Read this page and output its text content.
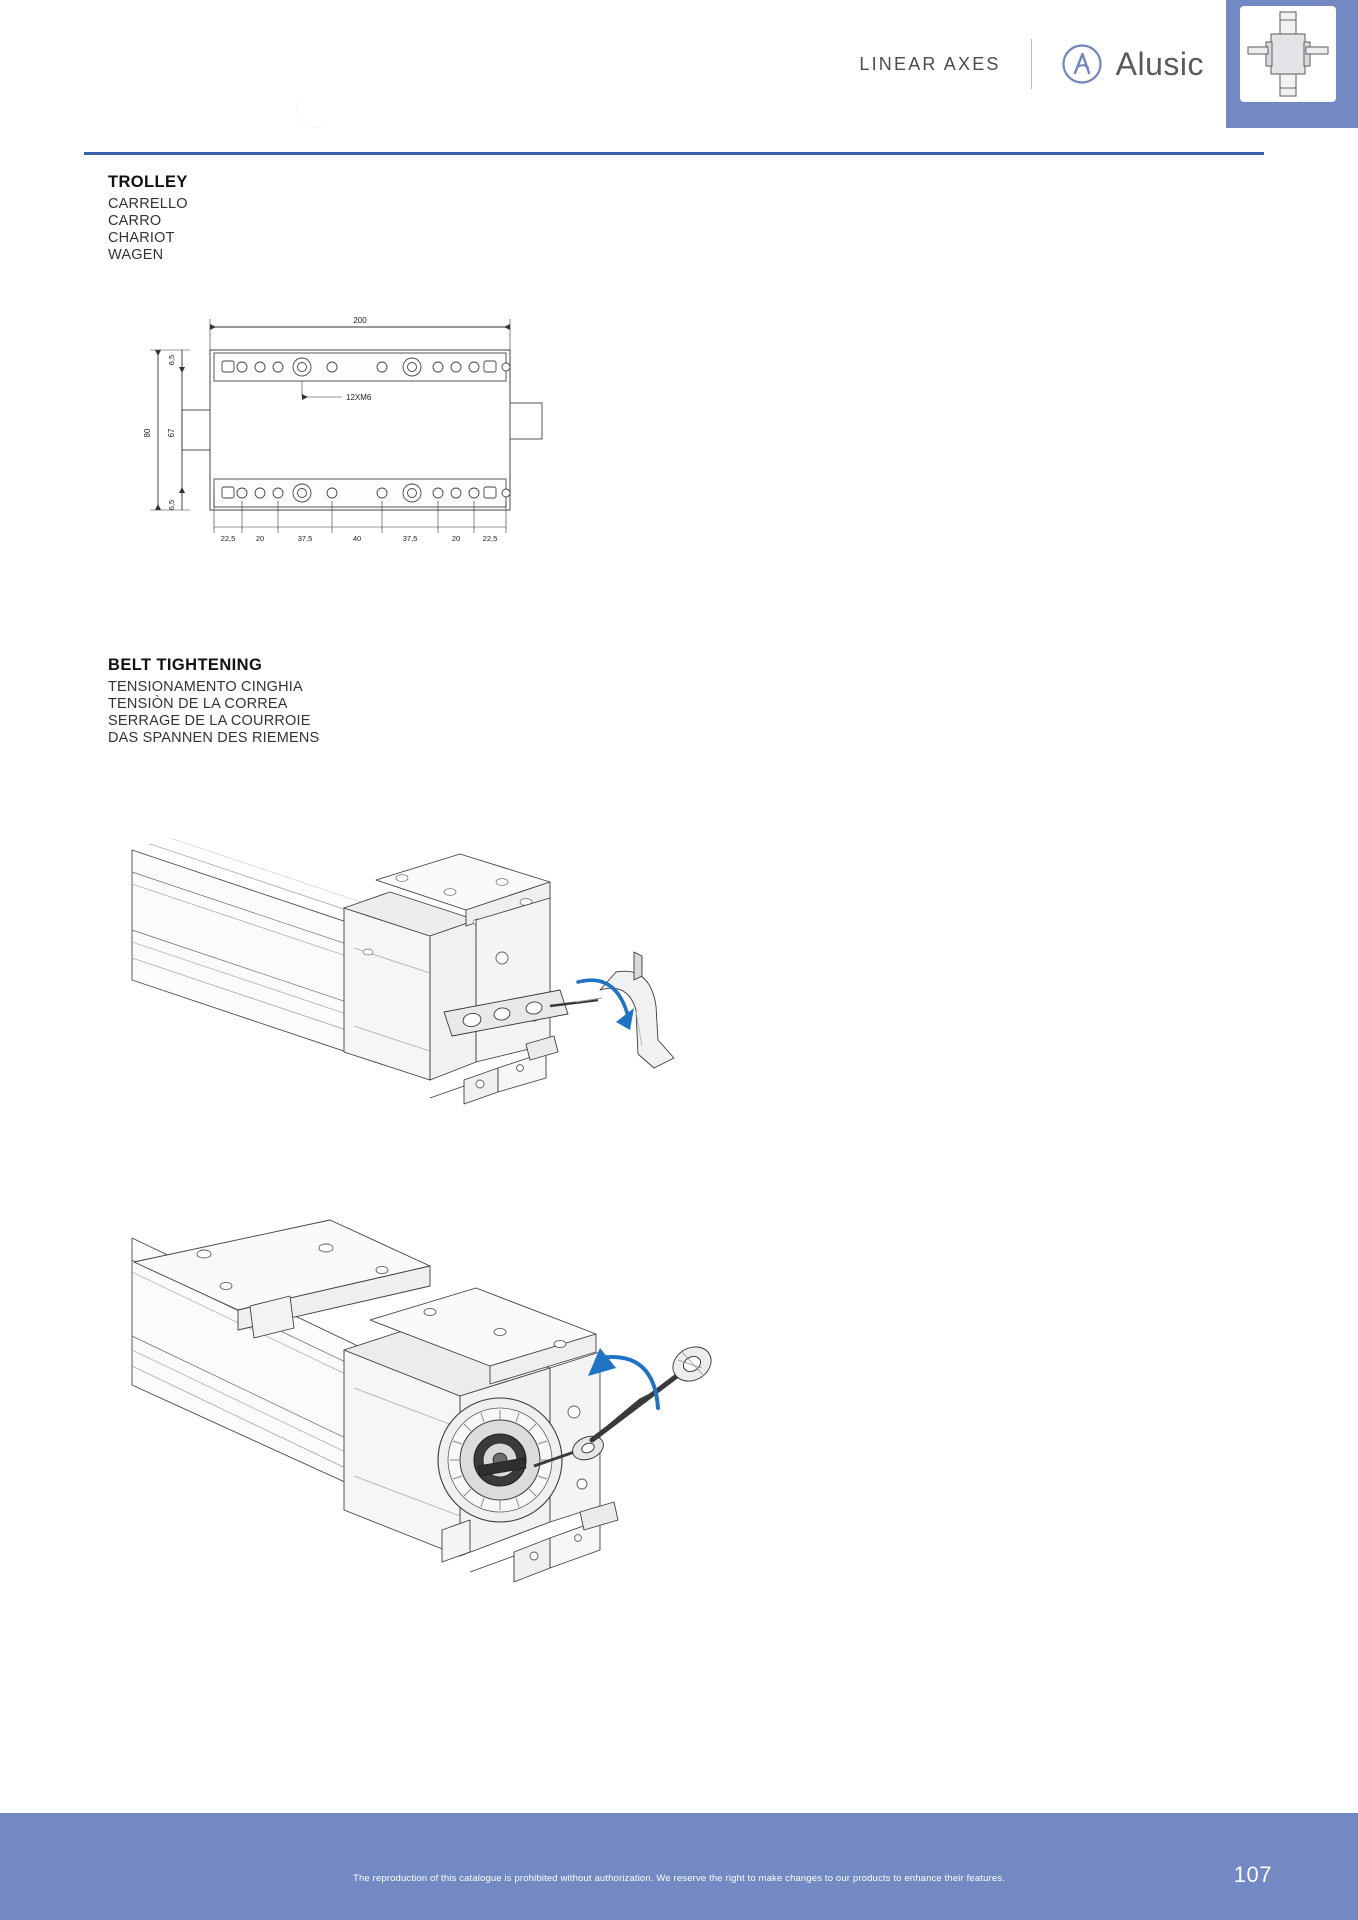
LINEAR AXES	Alusic
TROLLEY
CARRELLO
CARRO
CHARIOT
WAGEN
200
12XM6
80 67
6,5
6,5
22,5	20	37,5	40	37,5	20	22,5
BELT TIGHTENING
TENSIONAMENTO CINGHIA
TENSIÒN DE LA CORREA
SERRAGE DE LA COURROIE
DAS SPANNEN DES RIEMENS
The reproduction of this catalogue is prohibited without authorization. We reserve the right to make changes to our products to enhance their features.	107
